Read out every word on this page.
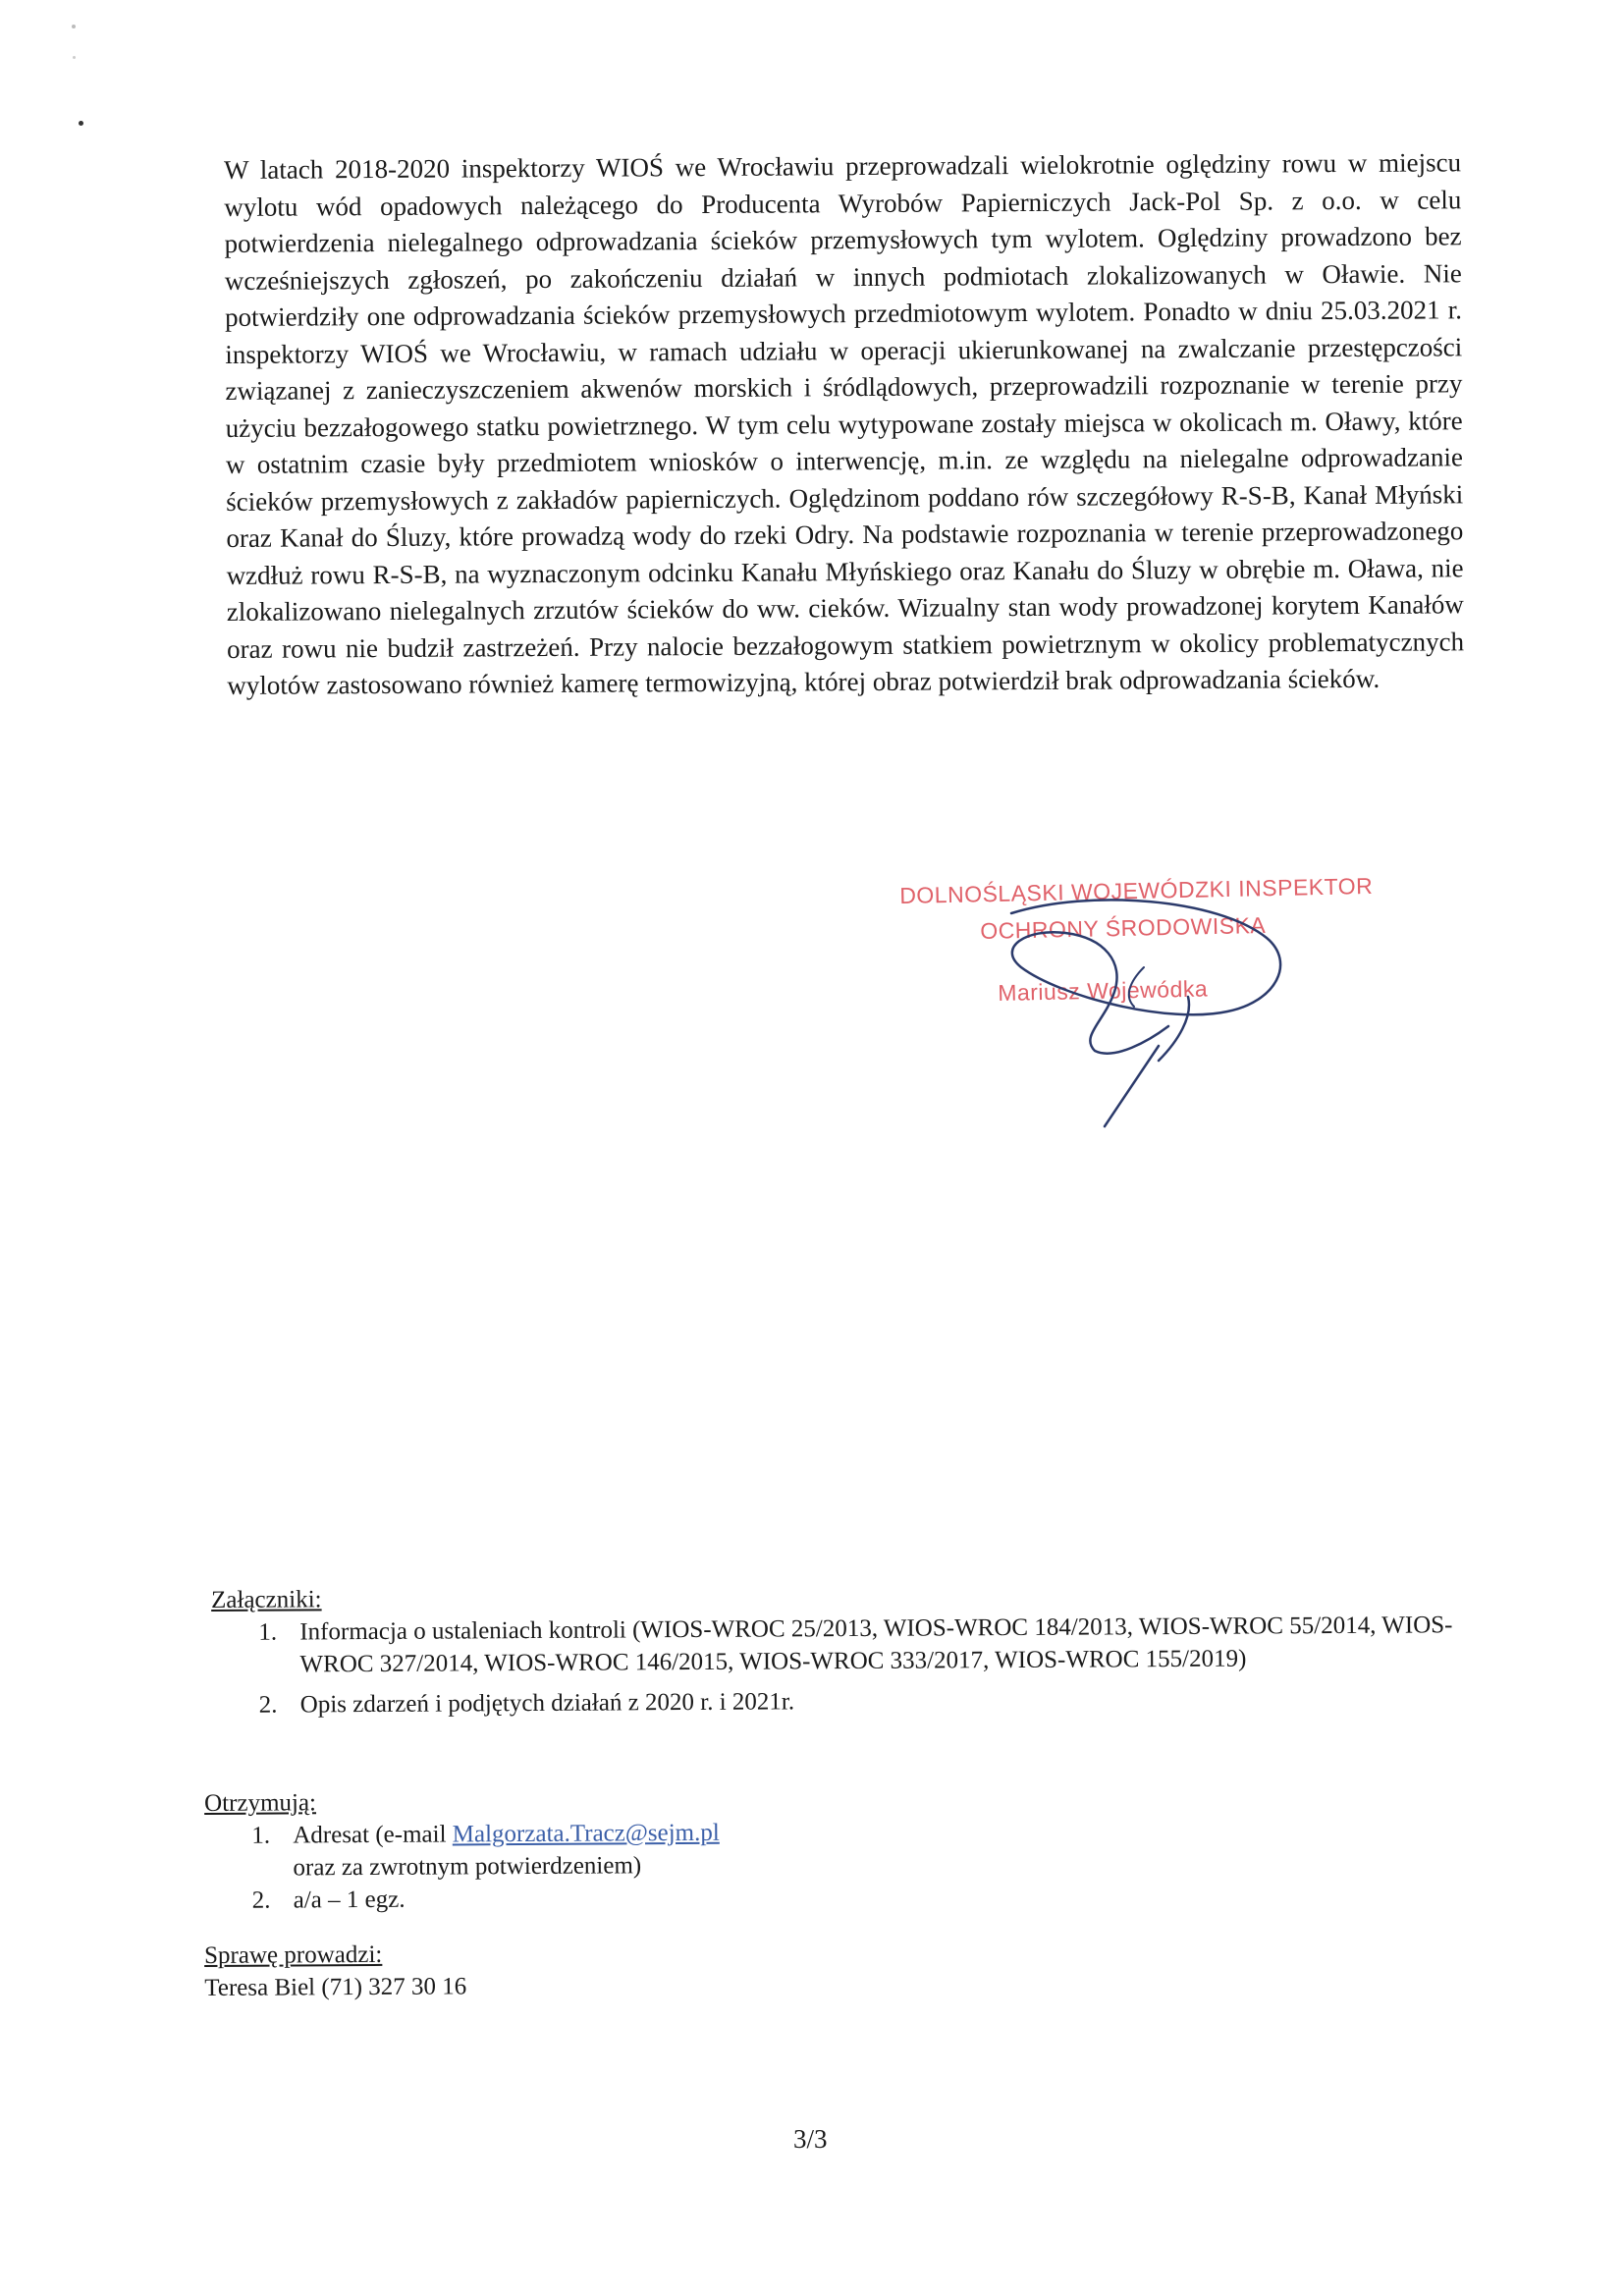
W latach 2018-2020 inspektorzy WIOŚ we Wrocławiu przeprowadzali wielokrotnie oględziny rowu w miejscu wylotu wód opadowych należącego do Producenta Wyrobów Papierniczych Jack-Pol Sp. z o.o. w celu potwierdzenia nielegalnego odprowadzania ścieków przemysłowych tym wylotem. Oględziny prowadzono bez wcześniejszych zgłoszeń, po zakończeniu działań w innych podmiotach zlokalizowanych w Oławie. Nie potwierdziły one odprowadzania ścieków przemysłowych przedmiotowym wylotem. Ponadto w dniu 25.03.2021 r. inspektorzy WIOŚ we Wrocławiu, w ramach udziału w operacji ukierunkowanej na zwalczanie przestępczości związanej z zanieczyszczeniem akwenów morskich i śródlądowych, przeprowadzili rozpoznanie w terenie przy użyciu bezzałogowego statku powietrznego. W tym celu wytypowane zostały miejsca w okolicach m. Oławy, które w ostatnim czasie były przedmiotem wniosków o interwencję, m.in. ze względu na nielegalne odprowadzanie ścieków przemysłowych z zakładów papierniczych. Oględzinom poddano rów szczegółowy R-S-B, Kanał Młyński oraz Kanał do Śluzy, które prowadzą wody do rzeki Odry. Na podstawie rozpoznania w terenie przeprowadzonego wzdłuż rowu R-S-B, na wyznaczonym odcinku Kanału Młyńskiego oraz Kanału do Śluzy w obrębie m. Oława, nie zlokalizowano nielegalnych zrzutów ścieków do ww. cieków. Wizualny stan wody prowadzonej korytem Kanałów oraz rowu nie budził zastrzeżeń. Przy nalocie bezzałogowym statkiem powietrznym w okolicy problematycznych wylotów zastosowano również kamerę termowizyjną, której obraz potwierdził brak odprowadzania ścieków.
DOLNOŚLĄSKI WOJEWÓDZKI INSPEKTOR
OCHRONY ŚRODOWISKA
Mariusz Wojewódka
Załączniki:
1. Informacja o ustaleniach kontroli (WIOS-WROC 25/2013, WIOS-WROC 184/2013, WIOS-WROC 55/2014, WIOS-WROC 327/2014, WIOS-WROC 146/2015, WIOS-WROC 333/2017, WIOS-WROC 155/2019)
2. Opis zdarzeń i podjętych działań z 2020 r. i 2021r.
Otrzymują:
1. Adresat (e-mail Malgorzata.Tracz@sejm.pl
oraz za zwrotnym potwierdzeniem)
2. a/a – 1 egz.
Sprawę prowadzi:
Teresa Biel (71) 327 30 16
3/3
